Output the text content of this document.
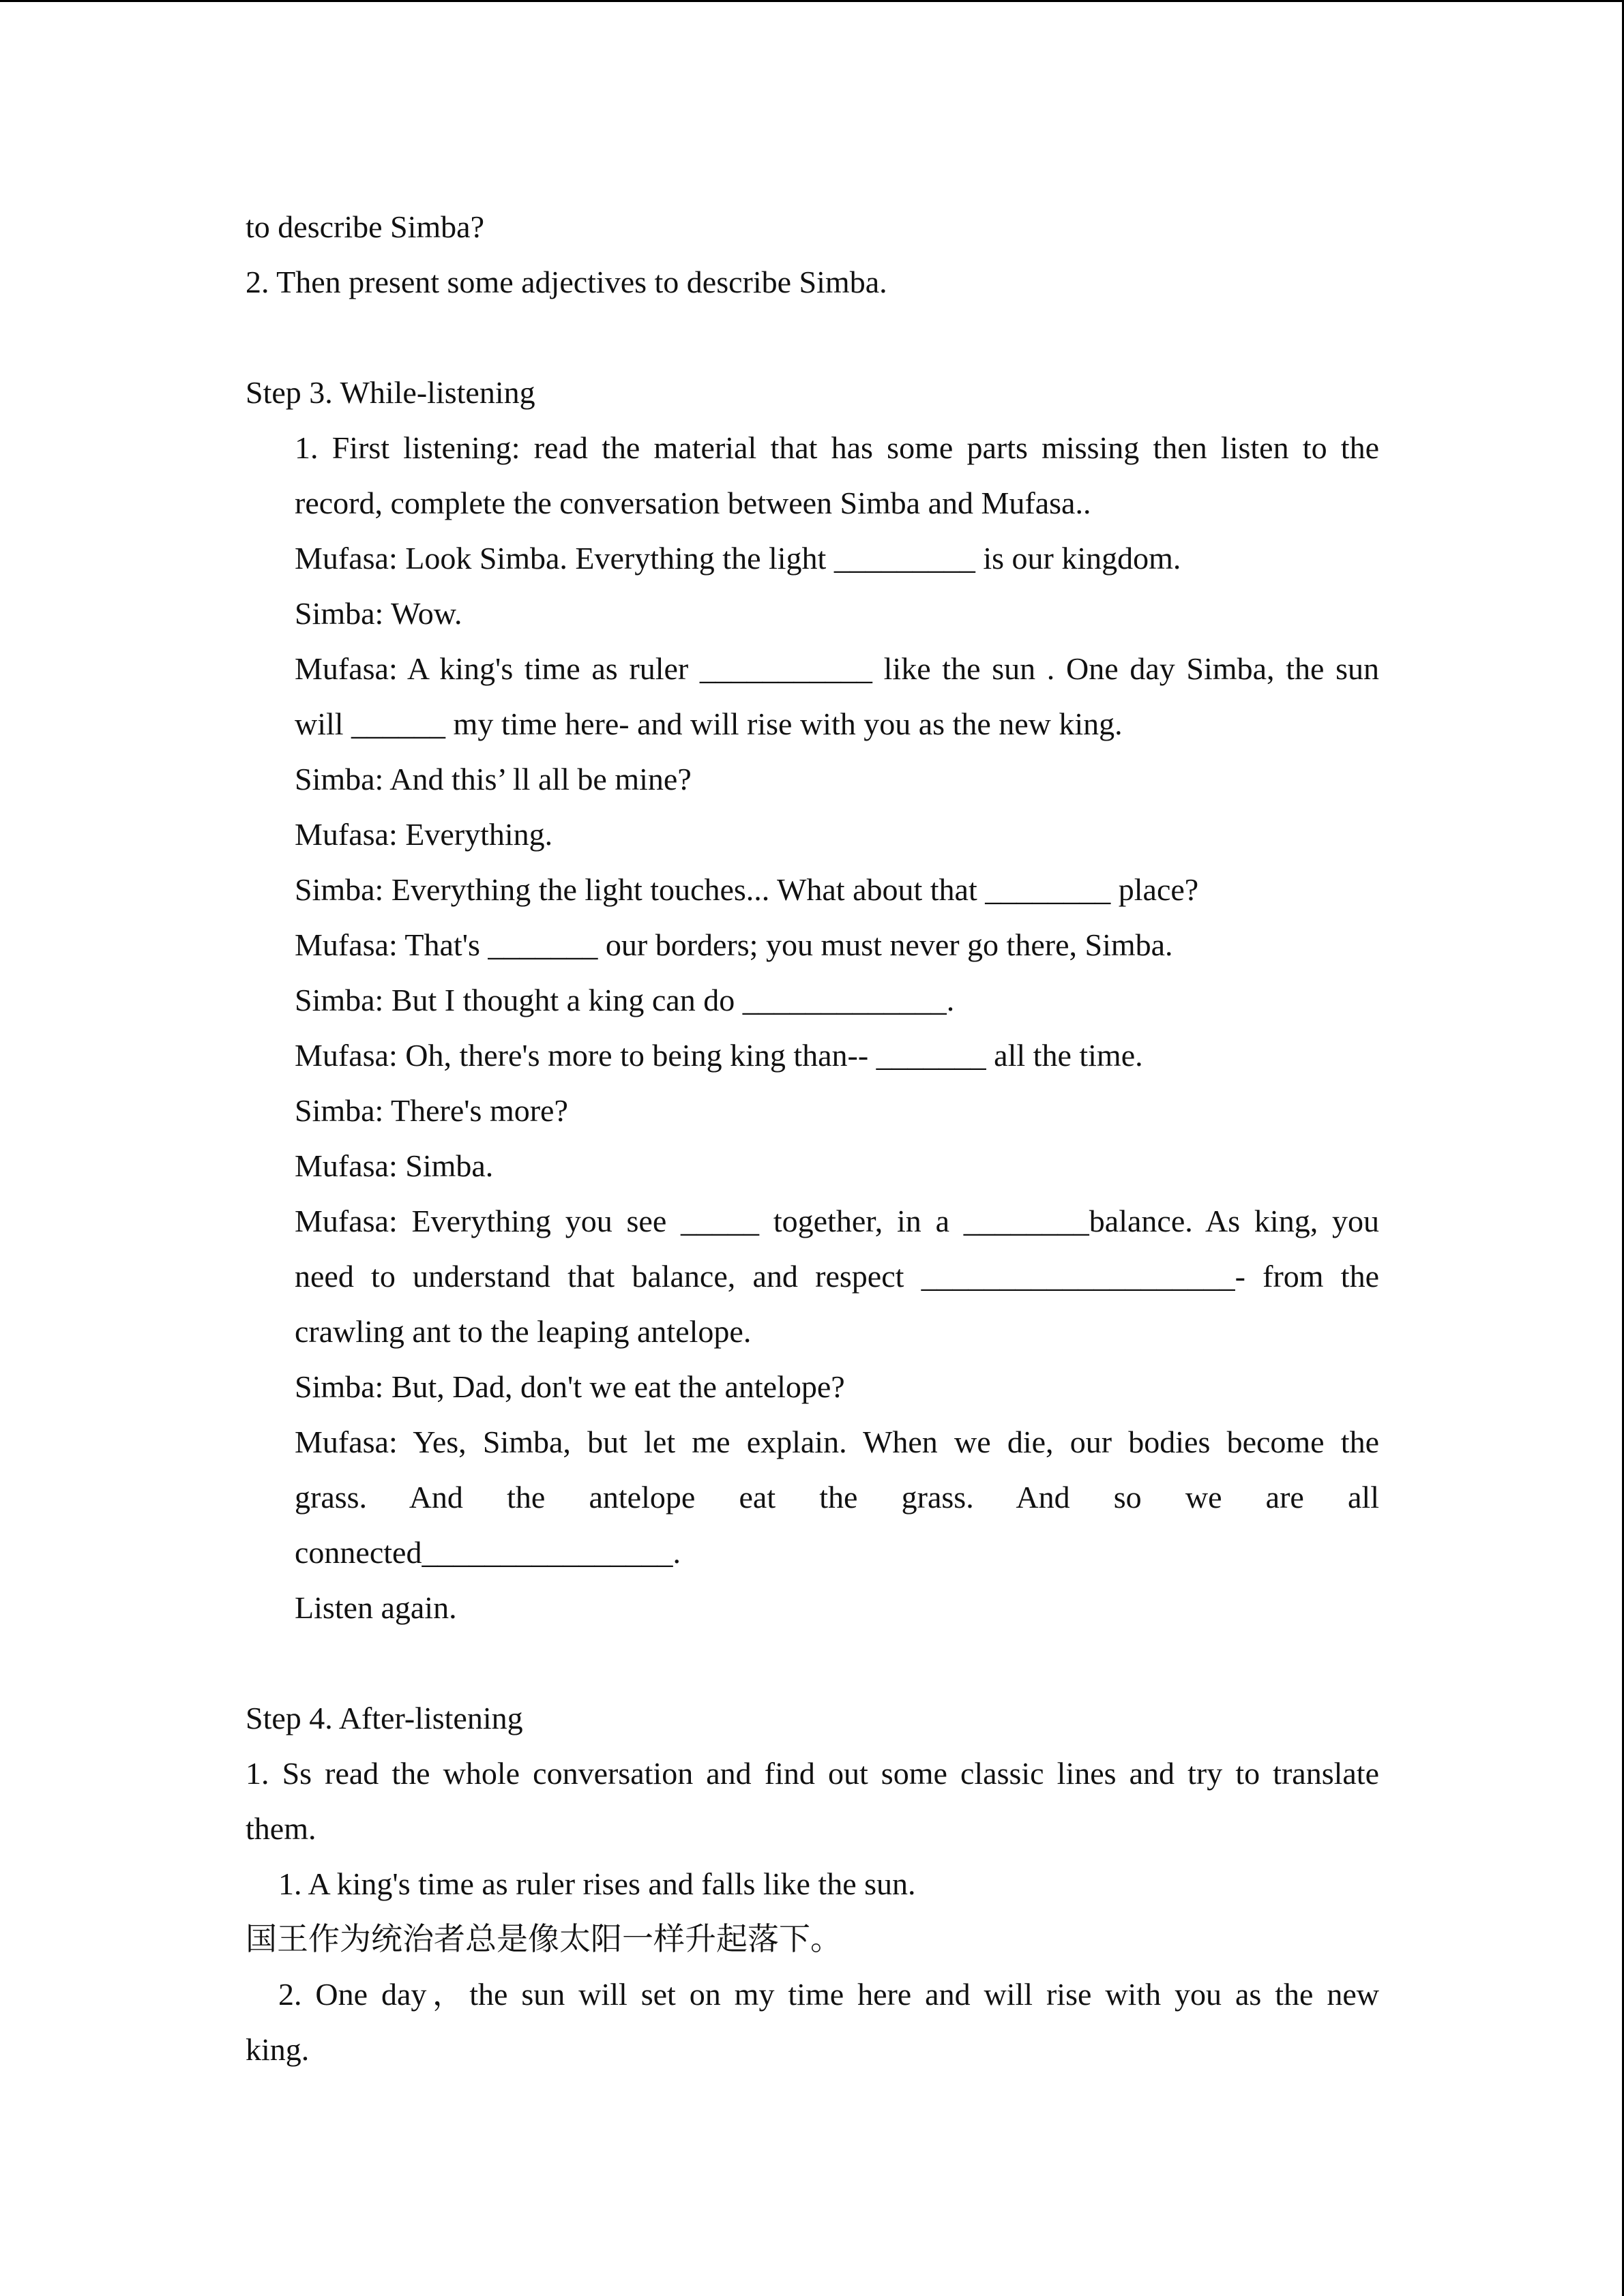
to describe Simba?
2. Then present some adjectives to describe Simba.
Step 3. While-listening
1. First listening: read the material that has some parts missing then listen to the
record, complete the conversation between Simba and Mufasa..
Mufasa: Look Simba. Everything the light _________ is our kingdom.
Simba: Wow.
Mufasa: A king's time as ruler ___________ like the sun . One day Simba, the sun
will ______ my time here- and will rise with you as the new king.
Simba: And this’ ll all be mine?
Mufasa: Everything.
Simba: Everything the light touches... What about that ________ place?
Mufasa: That's _______ our borders; you must never go there, Simba.
Simba: But I thought a king can do _____________.
Mufasa: Oh, there's more to being king than-- _______ all the time.
Simba: There's more?
Mufasa: Simba.
Mufasa: Everything you see _____ together, in a ________balance. As king, you
need to understand that balance, and respect ____________________- from the
crawling ant to the leaping antelope.
Simba: But, Dad, don't we eat the antelope?
Mufasa: Yes, Simba, but let me explain. When we die, our bodies become the
grass. And the antelope eat the grass. And so we are all
connected________________.
Listen again.
Step 4. After-listening
1. Ss read the whole conversation and find out some classic lines and try to translate
them.
1. A king's time as ruler rises and falls like the sun.
国王作为统治者总是像太阳一样升起落下。
2. One day，the sun will set on my time here and will rise with you as the new
king.
